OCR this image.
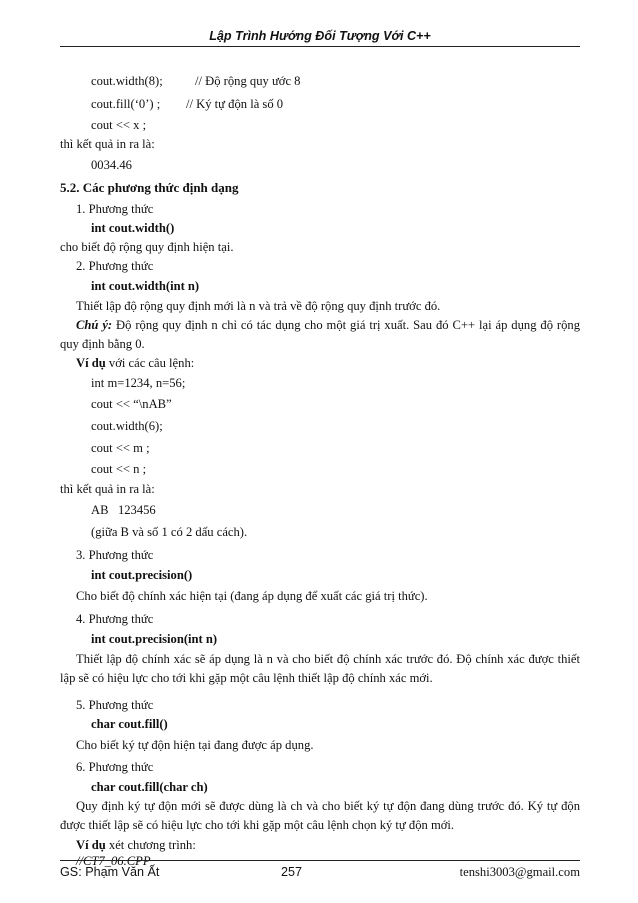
Lập Trình Hướng Đối Tượng Với C++
cout.width(8);	// Độ rộng quy ước 8
cout.fill(‘0’) ; // Ký tự độn là số 0
cout << x ;
thì kết quả in ra là:
0034.46
5.2. Các phương thức định dạng
1. Phương thức
int cout.width()
cho biết độ rộng quy định hiện tại.
2. Phương thức
int cout.width(int n)
Thiết lập độ rộng quy định mới là n và trả về độ rộng quy định trước đó.
Chú ý: Độ rộng quy định n chỉ có tác dụng cho một giá trị xuất. Sau đó C++ lại áp dụng độ rộng quy định bằng 0.
Ví dụ với các câu lệnh:
int m=1234, n=56;
cout << “\nAB”
cout.width(6);
cout << m ;
cout << n ;
thì kết quả in ra là:
AB   123456
(giữa B và số 1 có 2 dấu cách).
3. Phương thức
int cout.precision()
Cho biết độ chính xác hiện tại (đang áp dụng để xuất các giá trị thức).
4. Phương thức
int cout.precision(int n)
Thiết lập độ chính xác sẽ áp dụng là n và cho biết độ chính xác trước đó. Độ chính xác được thiết lập sẽ có hiệu lực cho tới khi gặp một câu lệnh thiết lập độ chính xác mới.
5. Phương thức
char cout.fill()
Cho biết ký tự độn hiện tại đang được áp dụng.
6. Phương thức
char cout.fill(char ch)
Quy định ký tự độn mới sẽ được dùng là ch và cho biết ký tự độn đang dùng trước đó. Ký tự độn được thiết lập sẽ có hiệu lực cho tới khi gặp một câu lệnh chọn ký tự độn mới.
Ví dụ xét chương trình:
//CT7_06.CPP
GS: Phạm Văn Ất	257	tenshi3003@gmail.com
